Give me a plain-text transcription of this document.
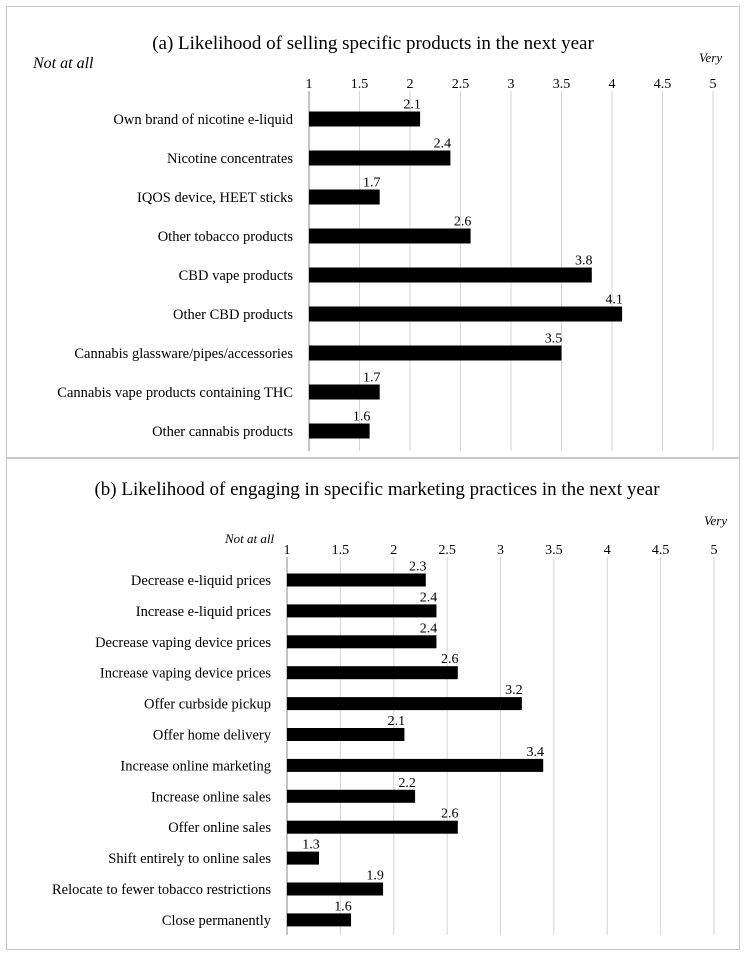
(a) Likelihood of selling specific products in the next year
Not at all	Very
1	1.5	2	2.5	3	3.5	4	4.5	5
Own brand of nicotine e-liquid
2.1
Nicotine concentrates
2.4
IQOS device, HEET sticks
1.7
Other tobacco products
2.6
CBD vape products
3.8
Other CBD products
4.1
Cannabis glassware/pipes/accessories
3.5
Cannabis vape products containing THC
1.7
Other cannabis products
1.6
(b) Likelihood of engaging in specific marketing practices in the next year
Not at all
Very
1	1.5	2	2.5	3	3.5	4	4.5	5
Decrease e-liquid prices
2.3
Increase e-liquid prices
2.4
Decrease vaping device prices
2.4
Increase vaping device prices
2.6
Offer curbside pickup
3.2
Offer home delivery
2.1
Increase online marketing
3.4
Increase online sales
2.2
Offer online sales
2.6
Shift entirely to online sales
1.3
Relocate to fewer tobacco restrictions
1.9
Close permanently
1.6
